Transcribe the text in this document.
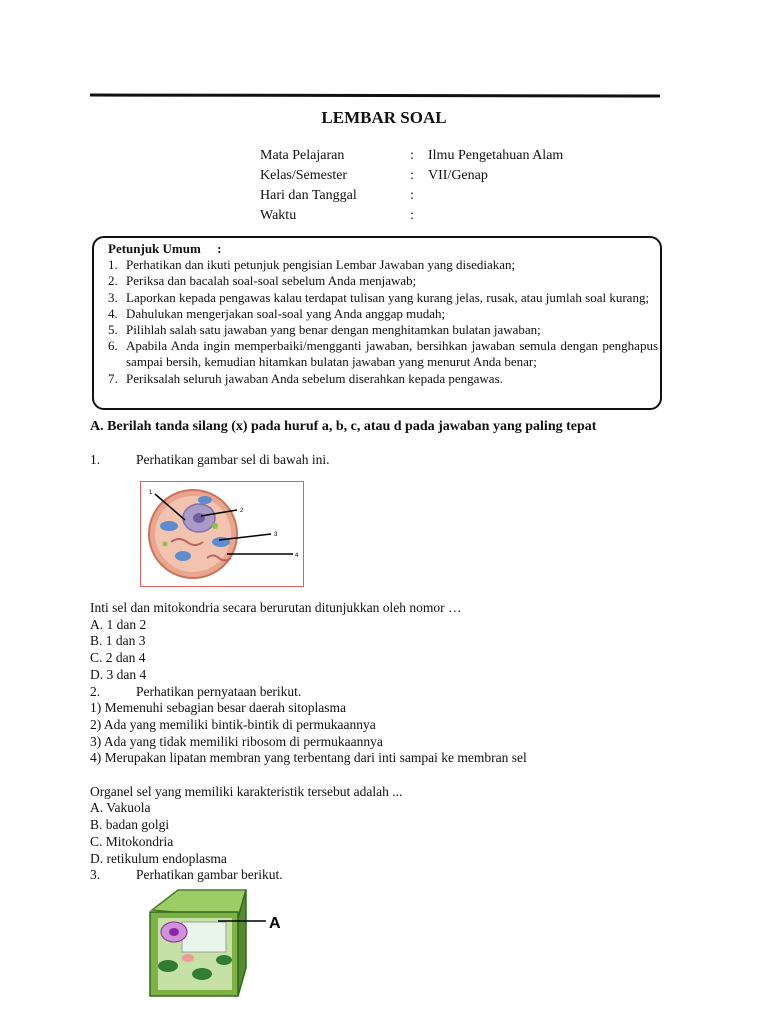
LEMBAR SOAL
Mata Pelajaran	: Ilmu Pengetahuan Alam
Kelas/Semester	: VII/Genap
Hari dan Tanggal	:
Waktu	:
Petunjuk Umum     :
1. Perhatikan dan ikuti petunjuk pengisian Lembar Jawaban yang disediakan;
2. Periksa dan bacalah soal-soal sebelum Anda menjawab;
3. Laporkan kepada pengawas kalau terdapat tulisan yang kurang jelas, rusak, atau jumlah soal kurang;
4. Dahulukan mengerjakan soal-soal yang Anda anggap mudah;
5. Pilihlah salah satu jawaban yang benar dengan menghitamkan bulatan jawaban;
6. Apabila Anda ingin memperbaiki/mengganti jawaban, bersihkan jawaban semula dengan penghapus sampai bersih, kemudian hitamkan bulatan jawaban yang menurut Anda benar;
7. Periksalah seluruh jawaban Anda sebelum diserahkan kepada pengawas.
A. Berilah tanda silang (x) pada huruf a, b, c, atau d pada jawaban yang paling tepat
1.	Perhatikan gambar sel di bawah ini.
1
2
3
4
Inti sel dan mitokondria secara berurutan ditunjukkan oleh nomor …
A. 1 dan 2
B. 1 dan 3
C. 2 dan 4
D. 3 dan 4
2.	Perhatikan pernyataan berikut.
1) Memenuhi sebagian besar daerah sitoplasma
2) Ada yang memiliki bintik-bintik di permukaannya
3) Ada yang tidak memiliki ribosom di permukaannya
4) Merupakan lipatan membran yang terbentang dari inti sampai ke membran sel
Organel sel yang memiliki karakteristik tersebut adalah ...
A. Vakuola
B. badan golgi
C. Mitokondria
D. retikulum endoplasma
3.	Perhatikan gambar berikut.
A
